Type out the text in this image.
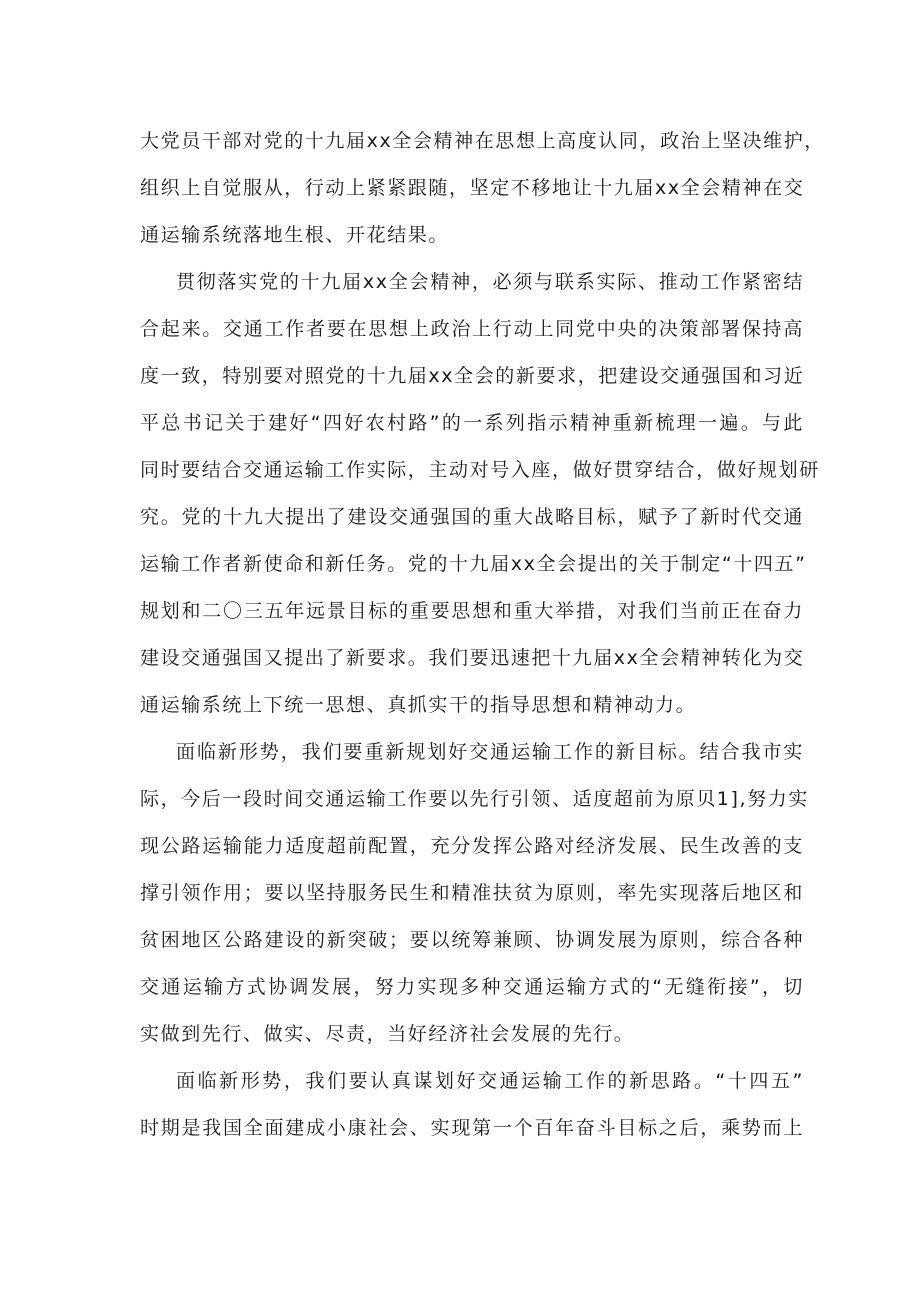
大党员干部对党的十九届xx全会精神在思想上高度认同，政治上坚决维护，
组织上自觉服从，行动上紧紧跟随，坚定不移地让十九届xx全会精神在交
通运输系统落地生根、开花结果。
贯彻落实党的十九届xx全会精神，必须与联系实际、推动工作紧密结
合起来。交通工作者要在思想上政治上行动上同党中央的决策部署保持高
度一致，特别要对照党的十九届xx全会的新要求，把建设交通强国和习近
平总书记关于建好“四好农村路”的一系列指示精神重新梳理一遍。与此
同时要结合交通运输工作实际，主动对号入座，做好贯穿结合，做好规划研
究。党的十九大提出了建设交通强国的重大战略目标，赋予了新时代交通
运输工作者新使命和新任务。党的十九届xx全会提出的关于制定“十四五”
规划和二〇三五年远景目标的重要思想和重大举措，对我们当前正在奋力
建设交通强国又提出了新要求。我们要迅速把十九届xx全会精神转化为交
通运输系统上下统一思想、真抓实干的指导思想和精神动力。
面临新形势，我们要重新规划好交通运输工作的新目标。结合我市实
际，今后一段时间交通运输工作要以先行引领、适度超前为原贝1],努力实
现公路运输能力适度超前配置，充分发挥公路对经济发展、民生改善的支
撑引领作用；要以坚持服务民生和精准扶贫为原则，率先实现落后地区和
贫困地区公路建设的新突破；要以统筹兼顾、协调发展为原则，综合各种
交通运输方式协调发展，努力实现多种交通运输方式的“无缝衔接”，切
实做到先行、做实、尽责，当好经济社会发展的先行。
面临新形势，我们要认真谋划好交通运输工作的新思路。“十四五”
时期是我国全面建成小康社会、实现第一个百年奋斗目标之后，乘势而上
